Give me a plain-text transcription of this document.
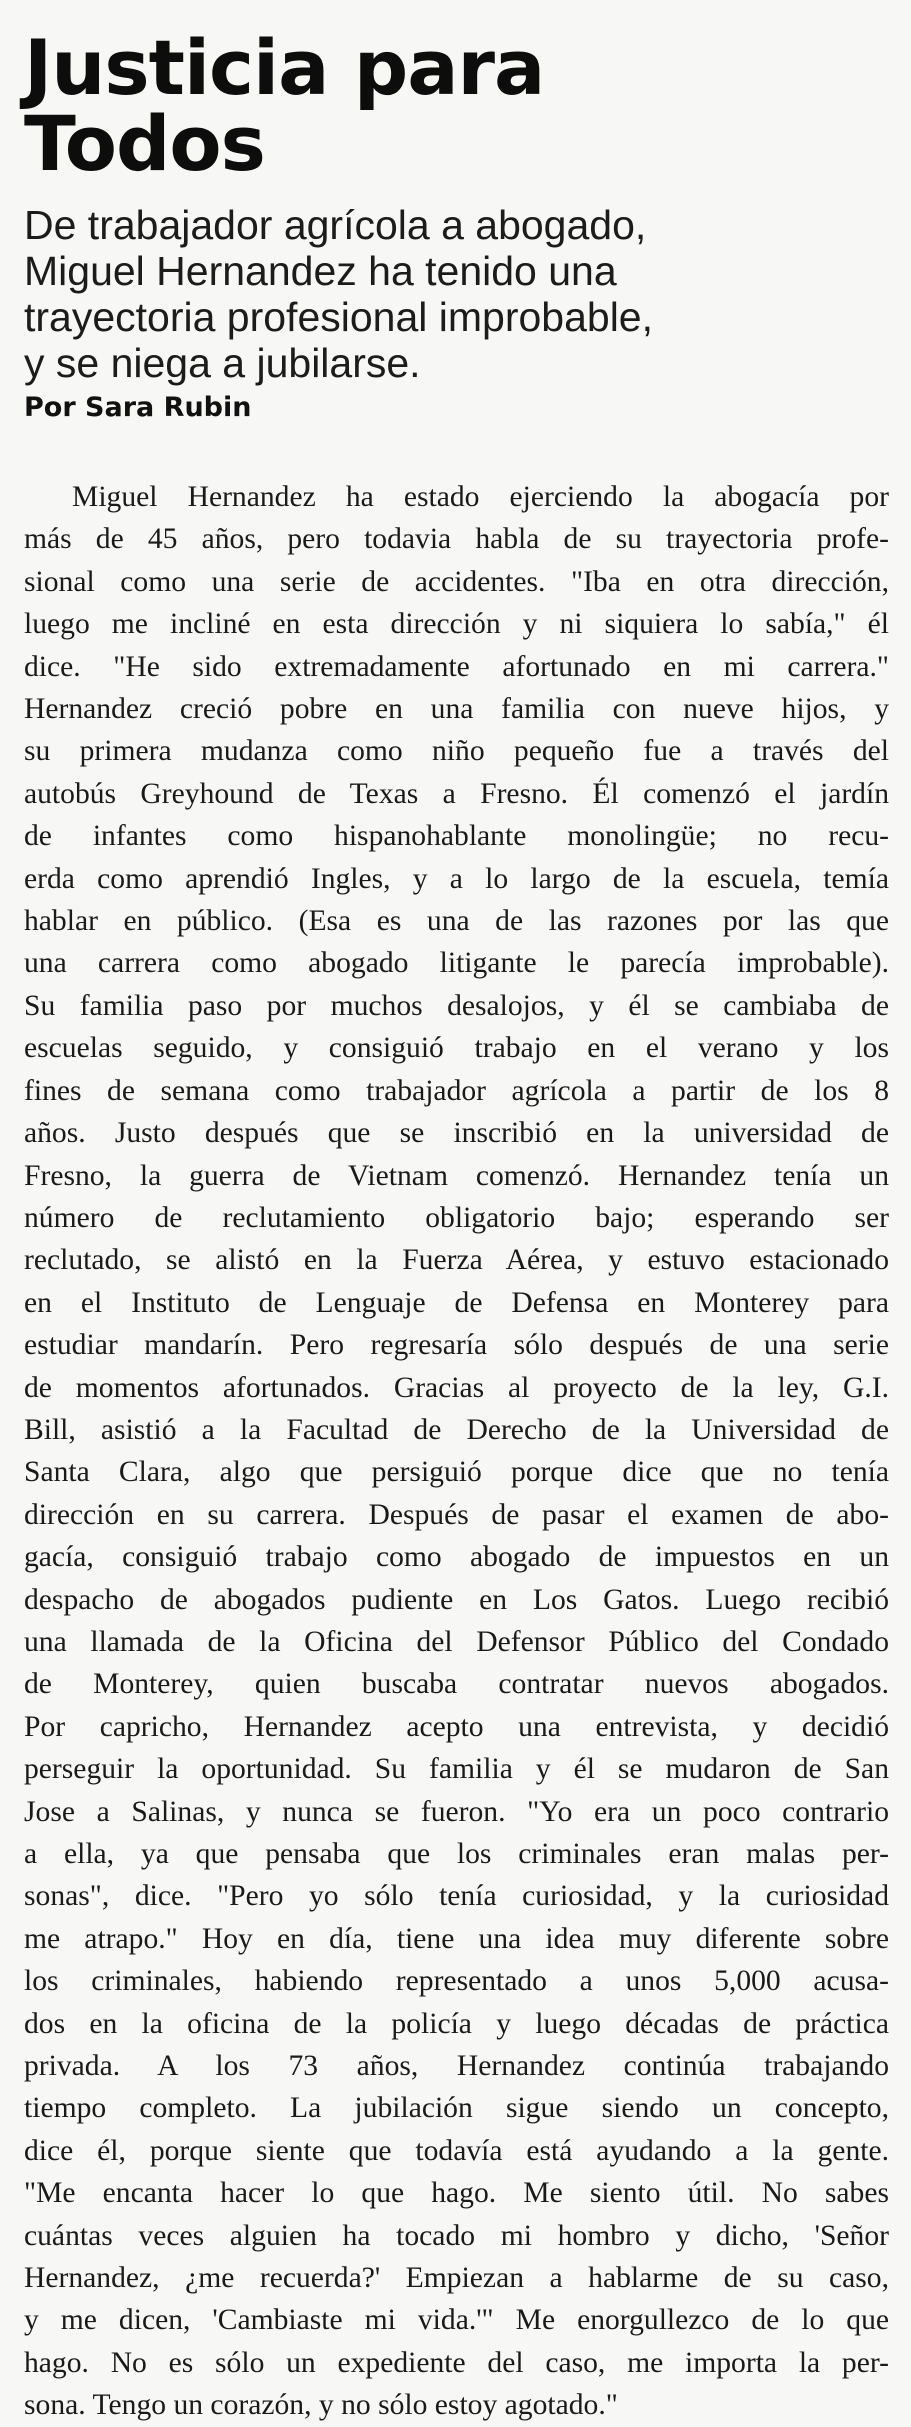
Justicia para
Todos
De trabajador agrícola a abogado,
Miguel Hernandez ha tenido una
trayectoria profesional improbable,
y se niega a jubilarse.
Por Sara Rubin
Miguel Hernandez ha estado ejerciendo la abogacía por
más de 45 años, pero todavia habla de su trayectoria profe-
sional como una serie de accidentes. "Iba en otra dirección,
luego me incliné en esta dirección y ni siquiera lo sabía," él
dice. "He sido extremadamente afortunado en mi carrera."
Hernandez creció pobre en una familia con nueve hijos, y
su primera mudanza como niño pequeño fue a través del
autobús Greyhound de Texas a Fresno. Él comenzó el jardín
de infantes como hispanohablante monolingüe; no recu-
erda como aprendió Ingles, y a lo largo de la escuela, temía
hablar en público. (Esa es una de las razones por las que
una carrera como abogado litigante le parecía improbable).
Su familia paso por muchos desalojos, y él se cambiaba de
escuelas seguido, y consiguió trabajo en el verano y los
fines de semana como trabajador agrícola a partir de los 8
años. Justo después que se inscribió en la universidad de
Fresno, la guerra de Vietnam comenzó. Hernandez tenía un
número de reclutamiento obligatorio bajo; esperando ser
reclutado, se alistó en la Fuerza Aérea, y estuvo estacionado
en el Instituto de Lenguaje de Defensa en Monterey para
estudiar mandarín. Pero regresaría sólo después de una serie
de momentos afortunados. Gracias al proyecto de la ley, G.I.
Bill, asistió a la Facultad de Derecho de la Universidad de
Santa Clara, algo que persiguió porque dice que no tenía
dirección en su carrera. Después de pasar el examen de abo-
gacía, consiguió trabajo como abogado de impuestos en un
despacho de abogados pudiente en Los Gatos. Luego recibió
una llamada de la Oficina del Defensor Público del Condado
de Monterey, quien buscaba contratar nuevos abogados.
Por capricho, Hernandez acepto una entrevista, y decidió
perseguir la oportunidad. Su familia y él se mudaron de San
Jose a Salinas, y nunca se fueron. "Yo era un poco contrario
a ella, ya que pensaba que los criminales eran malas per-
sonas", dice. "Pero yo sólo tenía curiosidad, y la curiosidad
me atrapo." Hoy en día, tiene una idea muy diferente sobre
los criminales, habiendo representado a unos 5,000 acusa-
dos en la oficina de la policía y luego décadas de práctica
privada. A los 73 años, Hernandez continúa trabajando
tiempo completo. La jubilación sigue siendo un concepto,
dice él, porque siente que todavía está ayudando a la gente.
"Me encanta hacer lo que hago. Me siento útil. No sabes
cuántas veces alguien ha tocado mi hombro y dicho, 'Señor
Hernandez, ¿me recuerda?' Empiezan a hablarme de su caso,
y me dicen, 'Cambiaste mi vida.'" Me enorgullezco de lo que
hago. No es sólo un expediente del caso, me importa la per-
sona. Tengo un corazón, y no sólo estoy agotado."
